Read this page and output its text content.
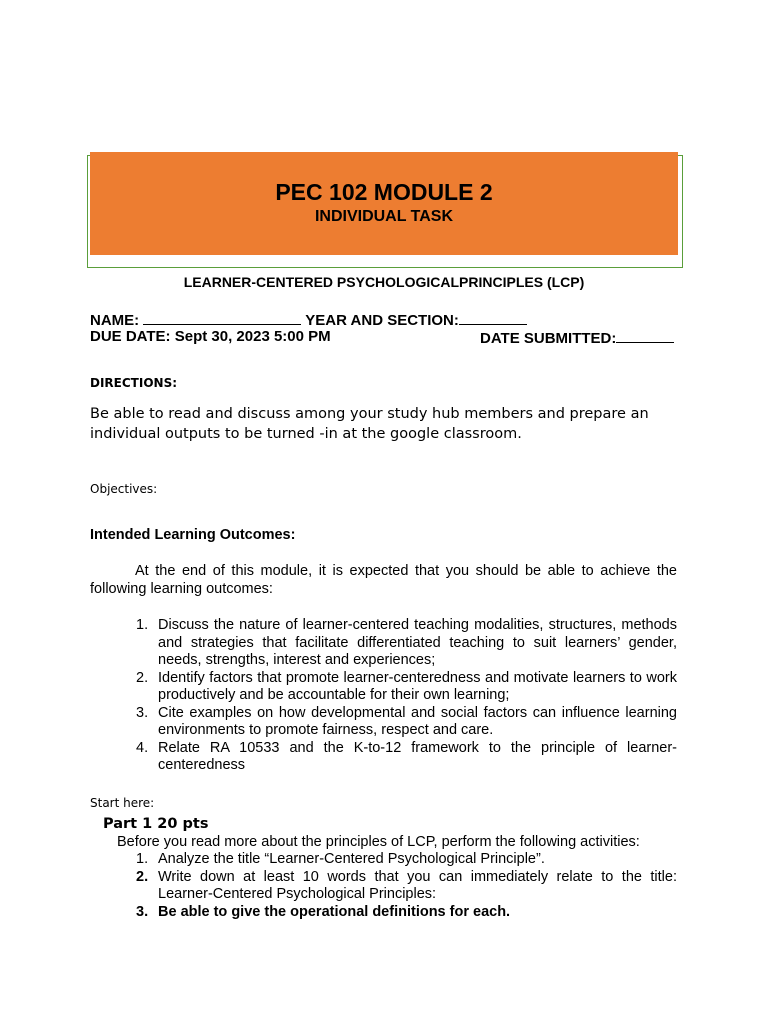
PEC 102 MODULE 2
INDIVIDUAL TASK
LEARNER-CENTERED PSYCHOLOGICALPRINCIPLES (LCP)
NAME:	YEAR AND SECTION:
DUE DATE: Sept 30, 2023 5:00 PM	DATE SUBMITTED:
DIRECTIONS:
Be able to read and discuss among your study hub members and prepare an individual outputs to be turned -in at the google classroom.
Objectives:
Intended Learning Outcomes:
At the end of this module, it is expected that you should be able to achieve the following learning outcomes:
1. Discuss the nature of learner-centered teaching modalities, structures, methods and strategies that facilitate differentiated teaching to suit learners’ gender, needs, strengths, interest and experiences;
2. Identify factors that promote learner-centeredness and motivate learners to work productively and be accountable for their own learning;
3. Cite examples on how developmental and social factors can influence learning environments to promote fairness, respect and care.
4. Relate RA 10533 and the K-to-12 framework to the principle of learner-centeredness
Start here:
Part 1 20 pts
Before you read more about the principles of LCP, perform the following activities:
1. Analyze the title “Learner-Centered Psychological Principle”.
2. Write down at least 10 words that you can immediately relate to the title: Learner-Centered Psychological Principles:
3. Be able to give the operational definitions for each.
